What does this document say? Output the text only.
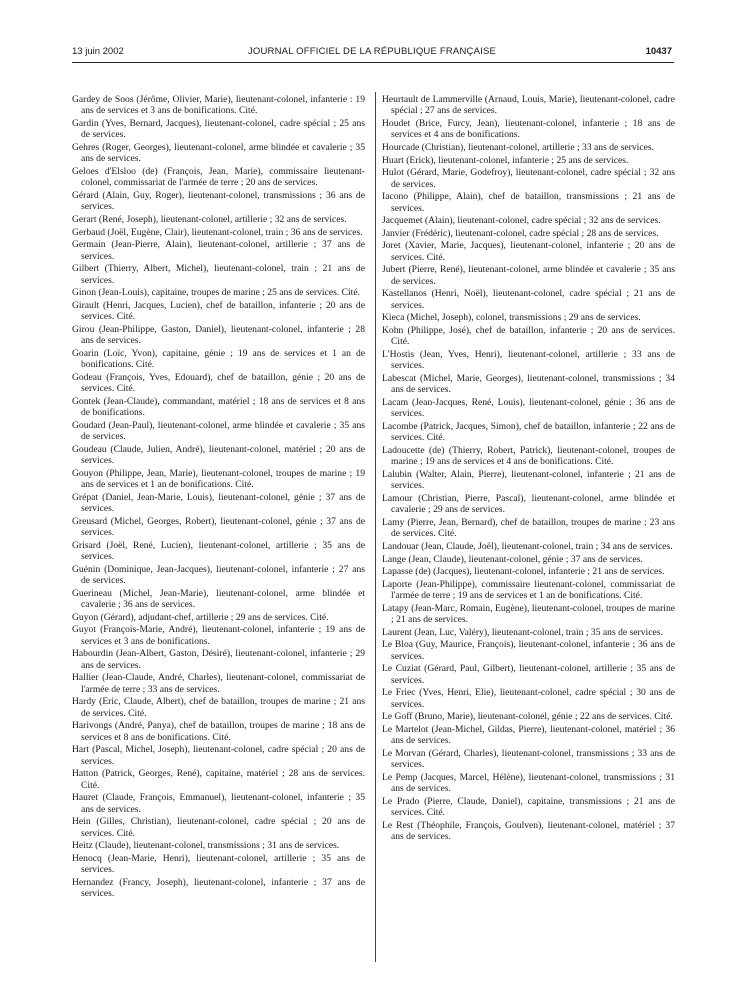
13 juin 2002	JOURNAL OFFICIEL DE LA RÉPUBLIQUE FRANÇAISE	10437

Gardey de Soos (Jérôme, Olivier, Marie), lieutenant-colonel, infanterie : 19 ans de services et 3 ans de bonifications. Cité.

Gardin (Yves, Bernard, Jacques), lieutenant-colonel, cadre spécial ; 25 ans de services.

Gehres (Roger, Georges), lieutenant-colonel, arme blindée et cavalerie ; 35 ans de services.

Geloes d'Elsloo (de) (François, Jean, Marie), commissaire lieutenant-colonel, commissariat de l'armée de terre ; 20 ans de services.

Gérard (Alain, Guy, Roger), lieutenant-colonel, transmissions ; 36 ans de services.

Gerart (René, Joseph), lieutenant-colonel, artillerie ; 32 ans de services.

Gerbaud (Joël, Eugène, Clair), lieutenant-colonel, train ; 36 ans de services.

Germain (Jean-Pierre, Alain), lieutenant-colonel, artillerie ; 37 ans de services.

Gilbert (Thierry, Albert, Michel), lieutenant-colonel, train ; 21 ans de services.

Ginon (Jean-Louis), capitaine, troupes de marine ; 25 ans de services. Cité.

Girault (Henri, Jacques, Lucien), chef de bataillon, infanterie ; 20 ans de services. Cité.

Girou (Jean-Philippe, Gaston, Daniel), lieutenant-colonel, infanterie ; 28 ans de services.

Goarin (Loïc, Yvon), capitaine, génie ; 19 ans de services et 1 an de bonifications. Cité.

Godeau (François, Yves, Edouard), chef de bataillon, génie ; 20 ans de services. Cité.

Gontek (Jean-Claude), commandant, matériel ; 18 ans de services et 8 ans de bonifications.

Goudard (Jean-Paul), lieutenant-colonel, arme blindée et cavalerie ; 35 ans de services.

Goudeau (Claude, Julien, André), lieutenant-colonel, matériel ; 20 ans de services.

Gouyon (Philippe, Jean, Marie), lieutenant-colonel, troupes de marine ; 19 ans de services et 1 an de bonifications. Cité.

Grépat (Daniel, Jean-Marie, Louis), lieutenant-colonel, génie ; 37 ans de services.

Greusard (Michel, Georges, Robert), lieutenant-colonel, génie ; 37 ans de services.

Grisard (Joël, René, Lucien), lieutenant-colonel, artillerie ; 35 ans de services.

Guénin (Dominique, Jean-Jacques), lieutenant-colonel, infanterie ; 27 ans de services.

Guerineau (Michel, Jean-Marie), lieutenant-colonel, arme blindée et cavalerie ; 36 ans de services.

Guyon (Gérard), adjudant-chef, artillerie ; 29 ans de services. Cité.

Guyot (François-Marie, André), lieutenant-colonel, infanterie ; 19 ans de services et 3 ans de bonifications.

Habourdin (Jean-Albert, Gaston, Désiré), lieutenant-colonel, infanterie ; 29 ans de services.

Hallier (Jean-Claude, André, Charles), lieutenant-colonel, commissariat de l'armée de terre ; 33 ans de services.

Hardy (Eric, Claude, Albert), chef de bataillon, troupes de marine ; 21 ans de services. Cité.

Harivongs (André, Panya), chef de bataillon, troupes de marine ; 18 ans de services et 8 ans de bonifications. Cité.

Hart (Pascal, Michel, Joseph), lieutenant-colonel, cadre spécial ; 20 ans de services.

Hatton (Patrick, Georges, René), capitaine, matériel ; 28 ans de services. Cité.

Hauret (Claude, François, Emmanuel), lieutenant-colonel, infanterie ; 35 ans de services.

Hein (Gilles, Christian), lieutenant-colonel, cadre spécial ; 20 ans de services. Cité.

Heitz (Claude), lieutenant-colonel, transmissions ; 31 ans de services.

Henocq (Jean-Marie, Henri), lieutenant-colonel, artillerie ; 35 ans de services.

Hernandez (Francy, Joseph), lieutenant-colonel, infanterie ; 37 ans de services.

Heurtault de Lammerville (Arnaud, Louis, Marie), lieutenant-colonel, cadre spécial ; 27 ans de services.

Houdet (Brice, Furcy, Jean), lieutenant-colonel, infanterie ; 18 ans de services et 4 ans de bonifications.

Hourcade (Christian), lieutenant-colonel, artillerie ; 33 ans de services.

Huart (Erick), lieutenant-colonel, infanterie ; 25 ans de services.

Hulot (Gérard, Marie, Godefroy), lieutenant-colonel, cadre spécial ; 32 ans de services.

Iacono (Philippe, Alain), chef de bataillon, transmissions ; 21 ans de services.

Jacquemet (Alain), lieutenant-colonel, cadre spécial ; 32 ans de services.

Janvier (Frédéric), lieutenant-colonel, cadre spécial ; 28 ans de services.

Joret (Xavier, Marie, Jacques), lieutenant-colonel, infanterie ; 20 ans de services. Cité.

Jubert (Pierre, René), lieutenant-colonel, arme blindée et cavalerie ; 35 ans de services.

Kastellanos (Henri, Noël), lieutenant-colonel, cadre spécial ; 21 ans de services.

Kieca (Michel, Joseph), colonel, transmissions ; 29 ans de services.

Kohn (Philippe, José), chef de bataillon, infanterie ; 20 ans de services. Cité.

L'Hostis (Jean, Yves, Henri), lieutenant-colonel, artillerie ; 33 ans de services.

Labescat (Michel, Marie, Georges), lieutenant-colonel, transmissions ; 34 ans de services.

Lacam (Jean-Jacques, René, Louis), lieutenant-colonel, génie ; 36 ans de services.

Lacombe (Patrick, Jacques, Simon), chef de bataillon, infanterie ; 22 ans de services. Cité.

Ladoucette (de) (Thierry, Robert, Patrick), lieutenant-colonel, troupes de marine ; 19 ans de services et 4 ans de bonifications. Cité.

Lalubin (Walter, Alain, Pierre), lieutenant-colonel, infanterie ; 21 ans de services.

Lamour (Christian, Pierre, Pascal), lieutenant-colonel, arme blindée et cavalerie ; 29 ans de services.

Lamy (Pierre, Jean, Bernard), chef de bataillon, troupes de marine ; 23 ans de services. Cité.

Landouar (Jean, Claude, Joël), lieutenant-colonel, train ; 34 ans de services.

Lange (Jean, Claude), lieutenant-colonel, génie ; 37 ans de services.

Lapasse (de) (Jacques), lieutenant-colonel, infanterie ; 21 ans de services.

Laporte (Jean-Philippe), commissaire lieutenant-colonel, commissariat de l'armée de terre ; 19 ans de services et 1 an de bonifications. Cité.

Latapy (Jean-Marc, Romain, Eugène), lieutenant-colonel, troupes de marine ; 21 ans de services.

Laurent (Jean, Luc, Valéry), lieutenant-colonel, train ; 35 ans de services.

Le Bloa (Guy, Maurice, François), lieutenant-colonel, infanterie ; 36 ans de services.

Le Cuziat (Gérard, Paul, Gilbert), lieutenant-colonel, artillerie ; 35 ans de services.

Le Friec (Yves, Henri, Elie), lieutenant-colonel, cadre spécial ; 30 ans de services.

Le Goff (Bruno, Marie), lieutenant-colonel, génie ; 22 ans de services. Cité.

Le Martelot (Jean-Michel, Gildas, Pierre), lieutenant-colonel, matériel ; 36 ans de services.

Le Morvan (Gérard, Charles), lieutenant-colonel, transmissions ; 33 ans de services.

Le Pemp (Jacques, Marcel, Hélène), lieutenant-colonel, transmissions ; 31 ans de services.

Le Prado (Pierre, Claude, Daniel), capitaine, transmissions ; 21 ans de services. Cité.

Le Rest (Théophile, François, Goulven), lieutenant-colonel, matériel ; 37 ans de services.
